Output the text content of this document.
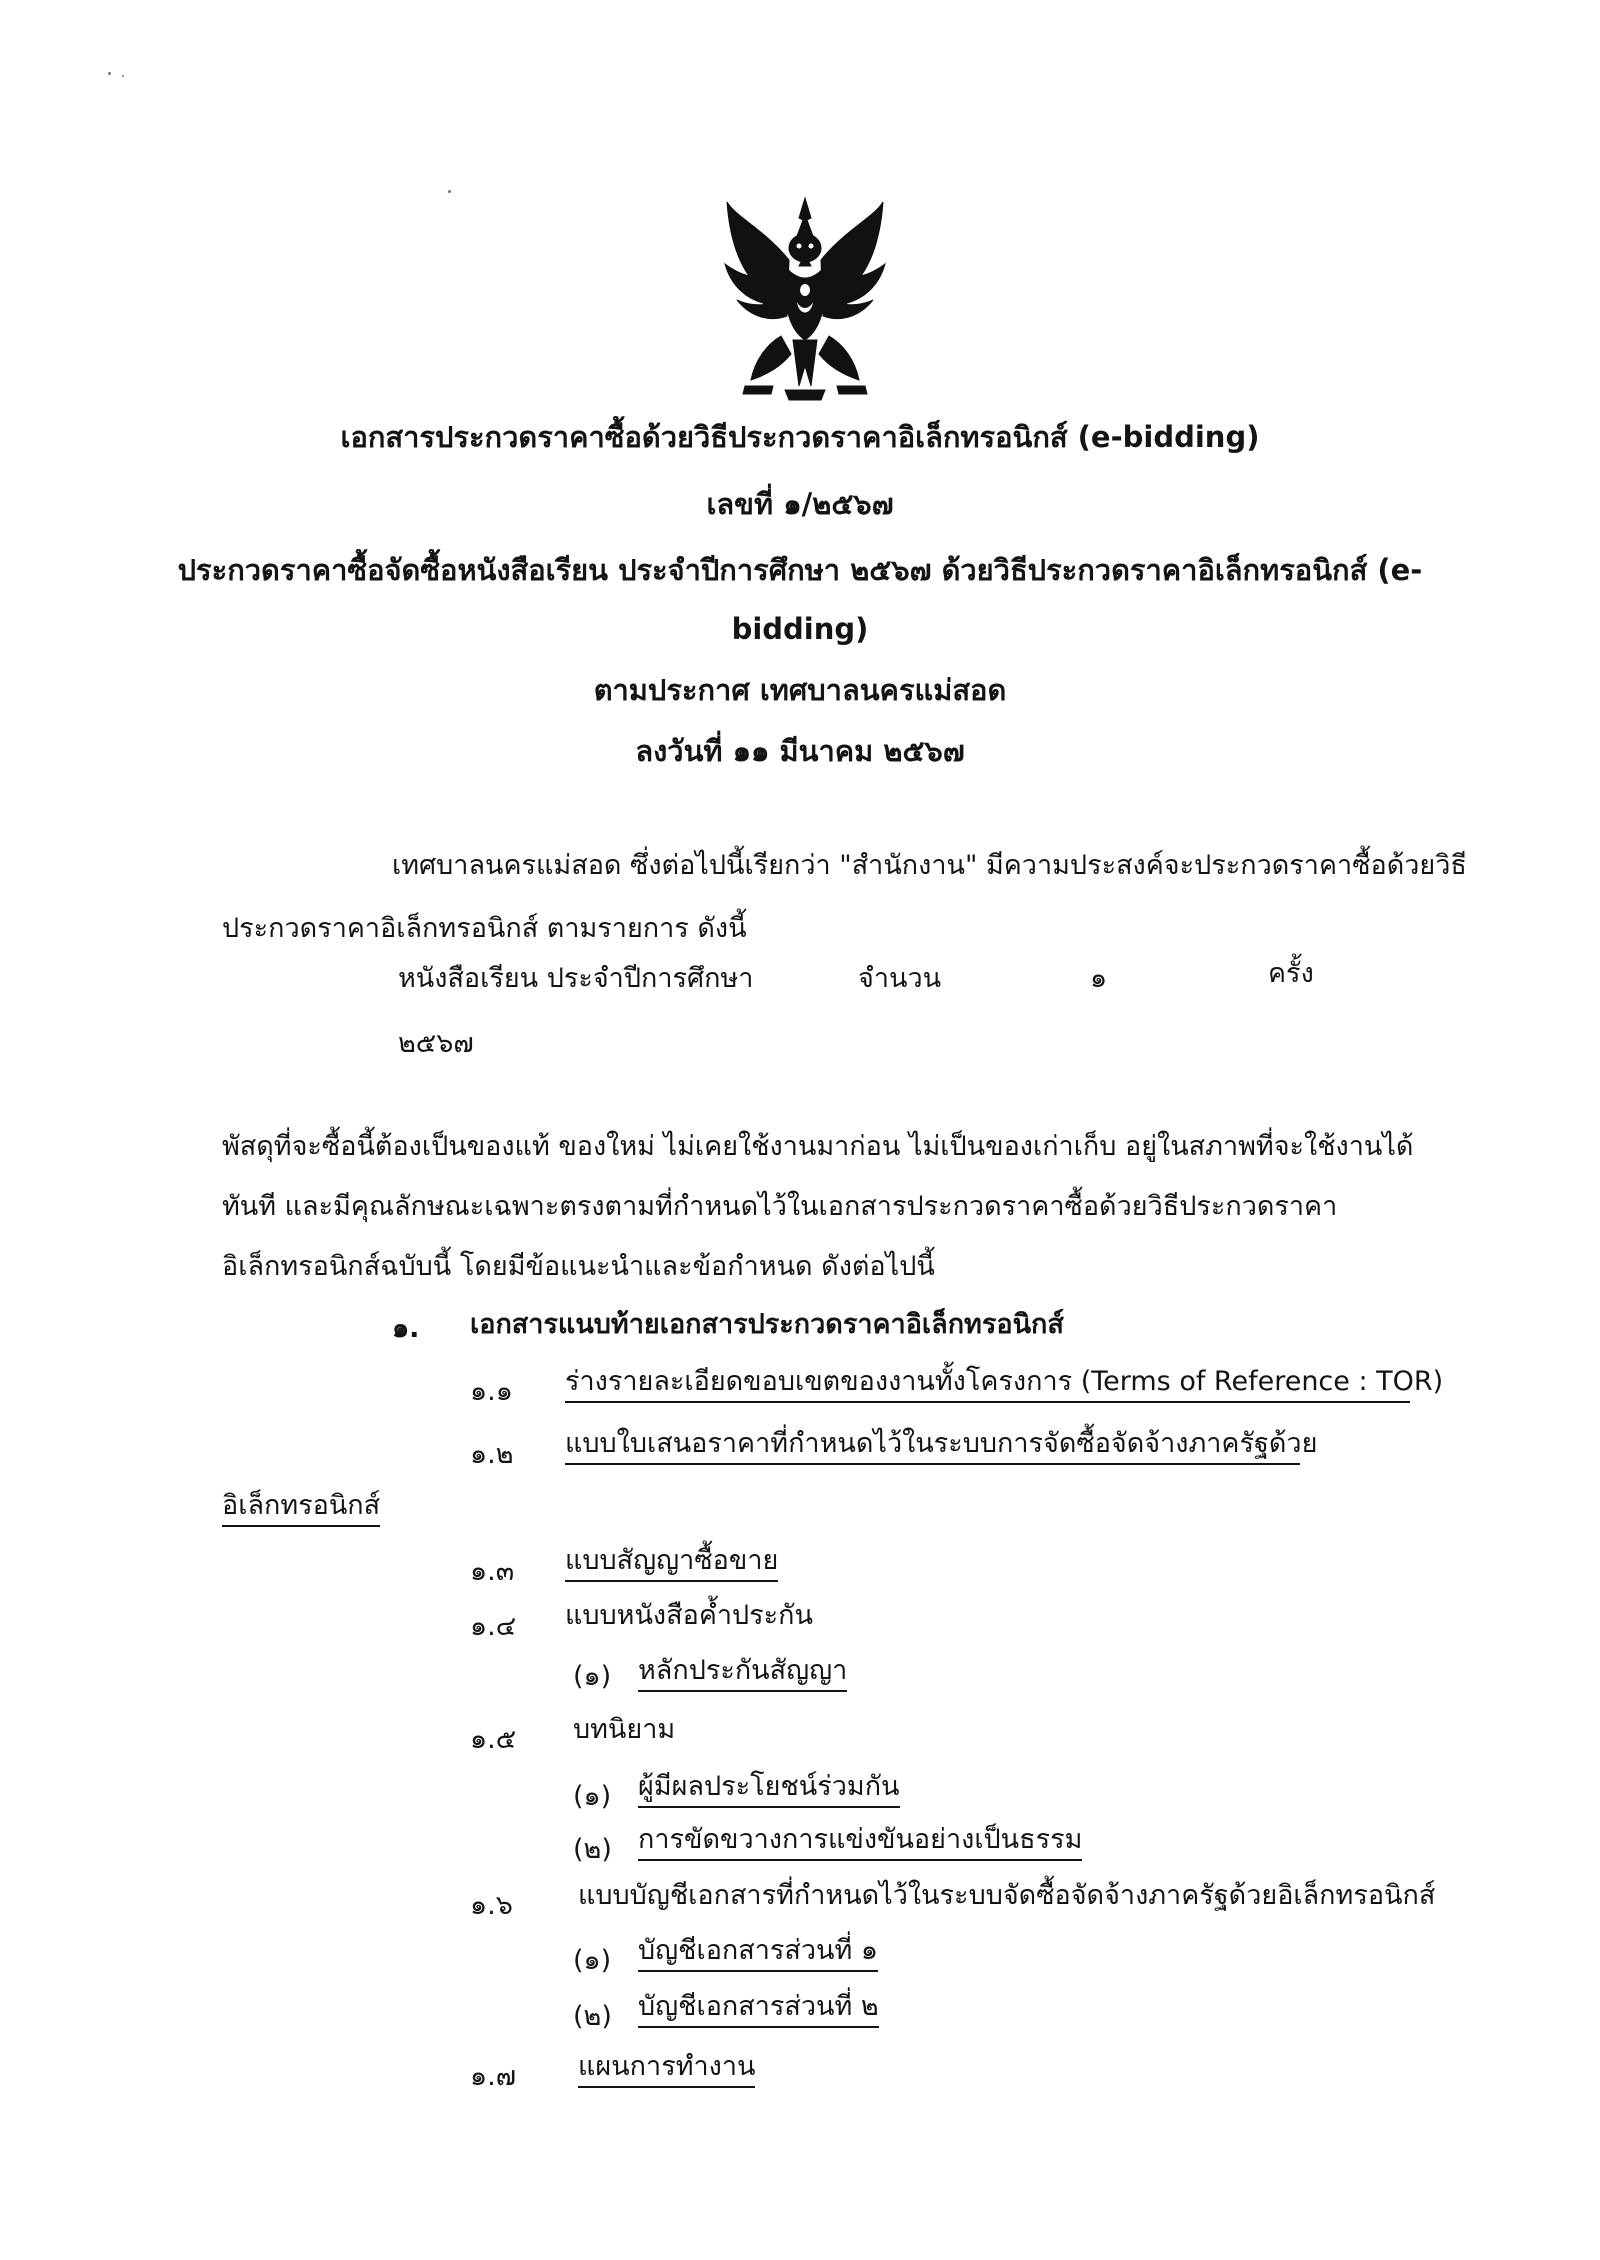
เอกสารประกวดราคาซื้อด้วยวิธีประกวดราคาอิเล็กทรอนิกส์ (e-bidding)
เลขที่ ๑/๒๕๖๗
ประกวดราคาซื้อจัดซื้อหนังสือเรียน ประจำปีการศึกษา ๒๕๖๗ ด้วยวิธีประกวดราคาอิเล็กทรอนิกส์ (e-
bidding)
ตามประกาศ เทศบาลนครแม่สอด
ลงวันที่ ๑๑ มีนาคม ๒๕๖๗
เทศบาลนครแม่สอด ซึ่งต่อไปนี้เรียกว่า "สำนักงาน" มีความประสงค์จะประกวดราคาซื้อด้วยวิธี
ประกวดราคาอิเล็กทรอนิกส์ ตามรายการ ดังนี้
หนังสือเรียน ประจำปีการศึกษา	จำนวน	๑	ครั้ง
๒๕๖๗
พัสดุที่จะซื้อนี้ต้องเป็นของแท้ ของใหม่ ไม่เคยใช้งานมาก่อน ไม่เป็นของเก่าเก็บ อยู่ในสภาพที่จะใช้งานได้
ทันที และมีคุณลักษณะเฉพาะตรงตามที่กำหนดไว้ในเอกสารประกวดราคาซื้อด้วยวิธีประกวดราคา
อิเล็กทรอนิกส์ฉบับนี้ โดยมีข้อแนะนำและข้อกำหนด ดังต่อไปนี้
๑. เอกสารแนบท้ายเอกสารประกวดราคาอิเล็กทรอนิกส์
๑.๑ ร่างรายละเอียดขอบเขตของงานทั้งโครงการ (Terms of Reference : TOR)
๑.๒ แบบใบเสนอราคาที่กำหนดไว้ในระบบการจัดซื้อจัดจ้างภาครัฐด้วย
อิเล็กทรอนิกส์
๑.๓ แบบสัญญาซื้อขาย
๑.๔ แบบหนังสือค้ำประกัน
(๑) หลักประกันสัญญา
๑.๕ บทนิยาม
(๑) ผู้มีผลประโยชน์ร่วมกัน
(๒) การขัดขวางการแข่งขันอย่างเป็นธรรม
๑.๖ แบบบัญชีเอกสารที่กำหนดไว้ในระบบจัดซื้อจัดจ้างภาครัฐด้วยอิเล็กทรอนิกส์
(๑) บัญชีเอกสารส่วนที่ ๑
(๒) บัญชีเอกสารส่วนที่ ๒
๑.๗ แผนการทำงาน
